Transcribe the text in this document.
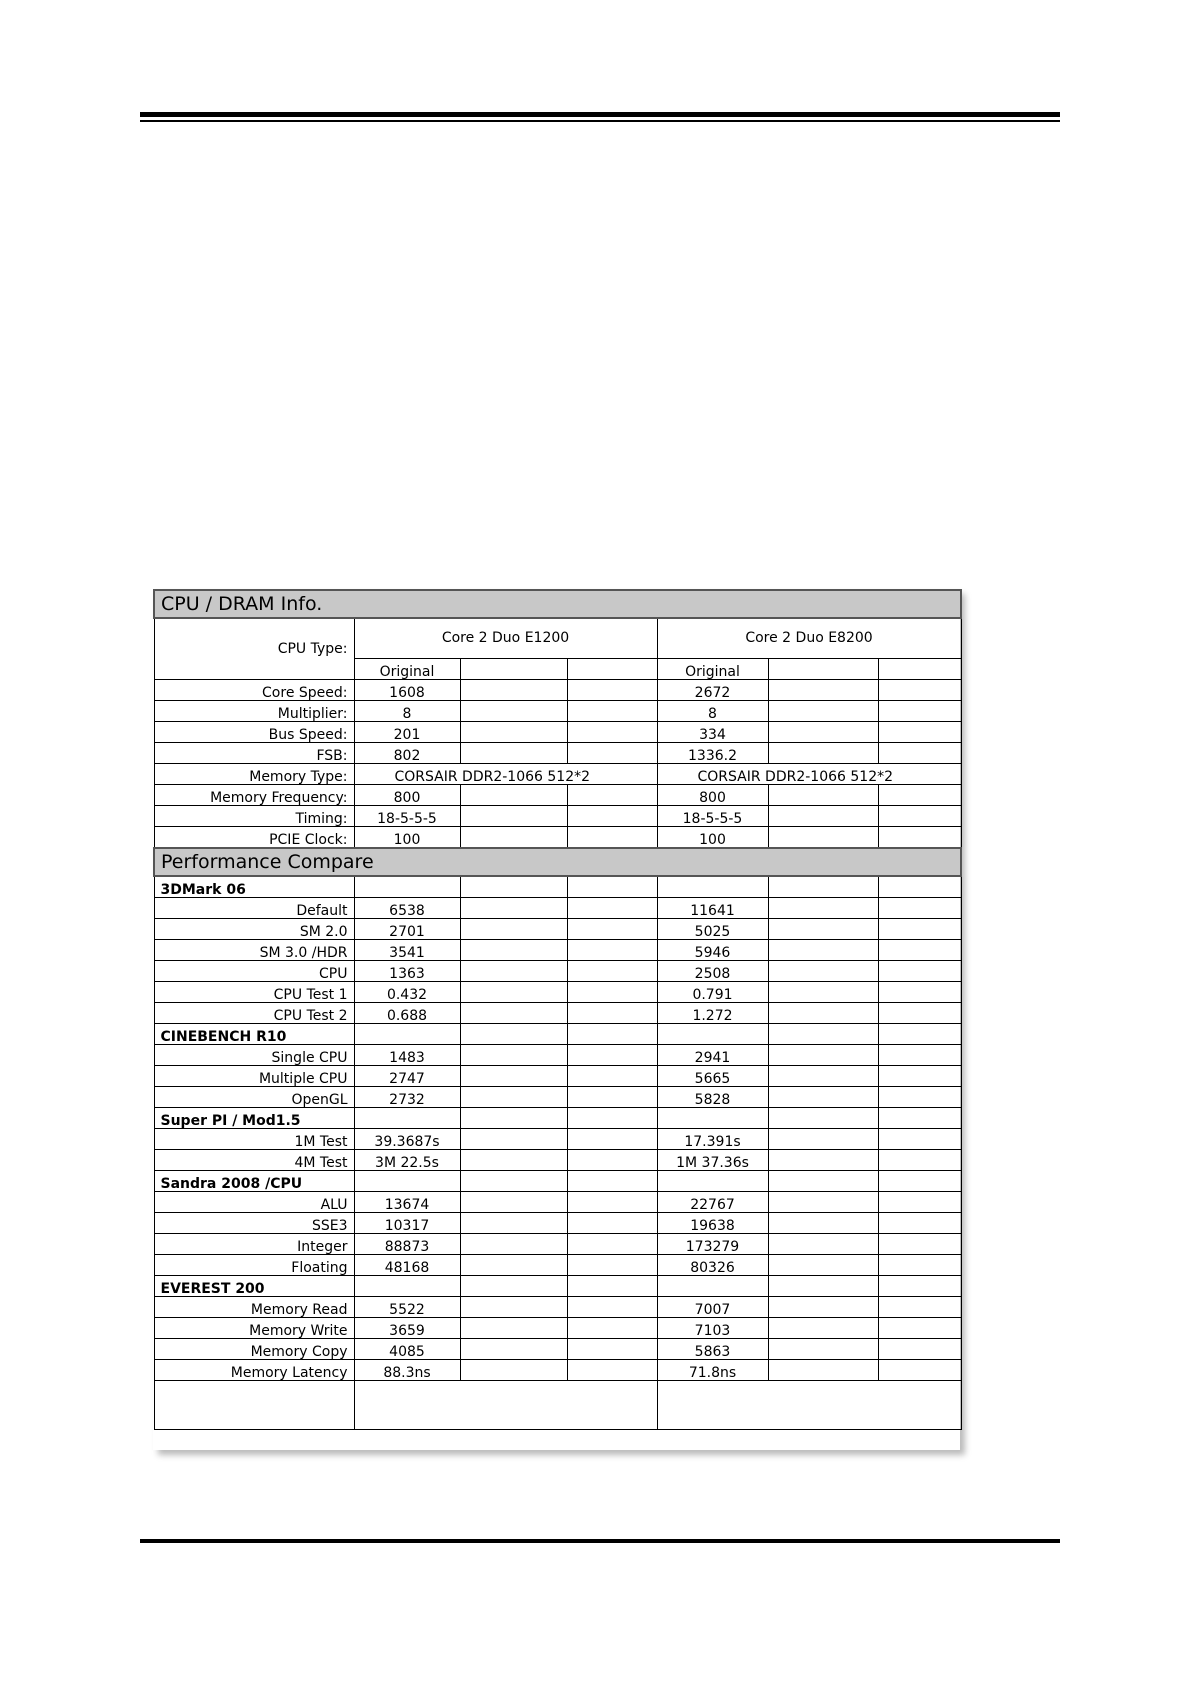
CPU / DRAM Info.						
CPU Type:	Core 2 Duo E1200			Core 2 Duo E8200		
	Original			Original		
Core Speed:	1608			2672		
Multiplier:	8			8		
Bus Speed:	201			334		
FSB:	802			1336.2		
Memory Type:	CORSAIR DDR2-1066 512*2			CORSAIR DDR2-1066 512*2		
Memory Frequency:	800			800		
Timing:	18-5-5-5			18-5-5-5		
PCIE Clock:	100			100		
Performance Compare						
3DMark 06						
Default	6538			11641		
SM 2.0	2701			5025		
SM 3.0 /HDR	3541			5946		
CPU	1363			2508		
CPU Test 1	0.432			0.791		
CPU Test 2	0.688			1.272		
CINEBENCH R10						
Single CPU	1483			2941		
Multiple CPU	2747			5665		
OpenGL	2732			5828		
Super PI / Mod1.5						
1M Test	39.3687s			17.391s		
4M Test	3M 22.5s			1M 37.36s		
Sandra 2008 /CPU						
ALU	13674			22767		
SSE3	10317			19638		
Integer	88873			173279		
Floating	48168			80326		
EVEREST 200						
Memory Read	5522			7007		
Memory Write	3659			7103		
Memory Copy	4085			5863		
Memory Latency	88.3ns			71.8ns		
